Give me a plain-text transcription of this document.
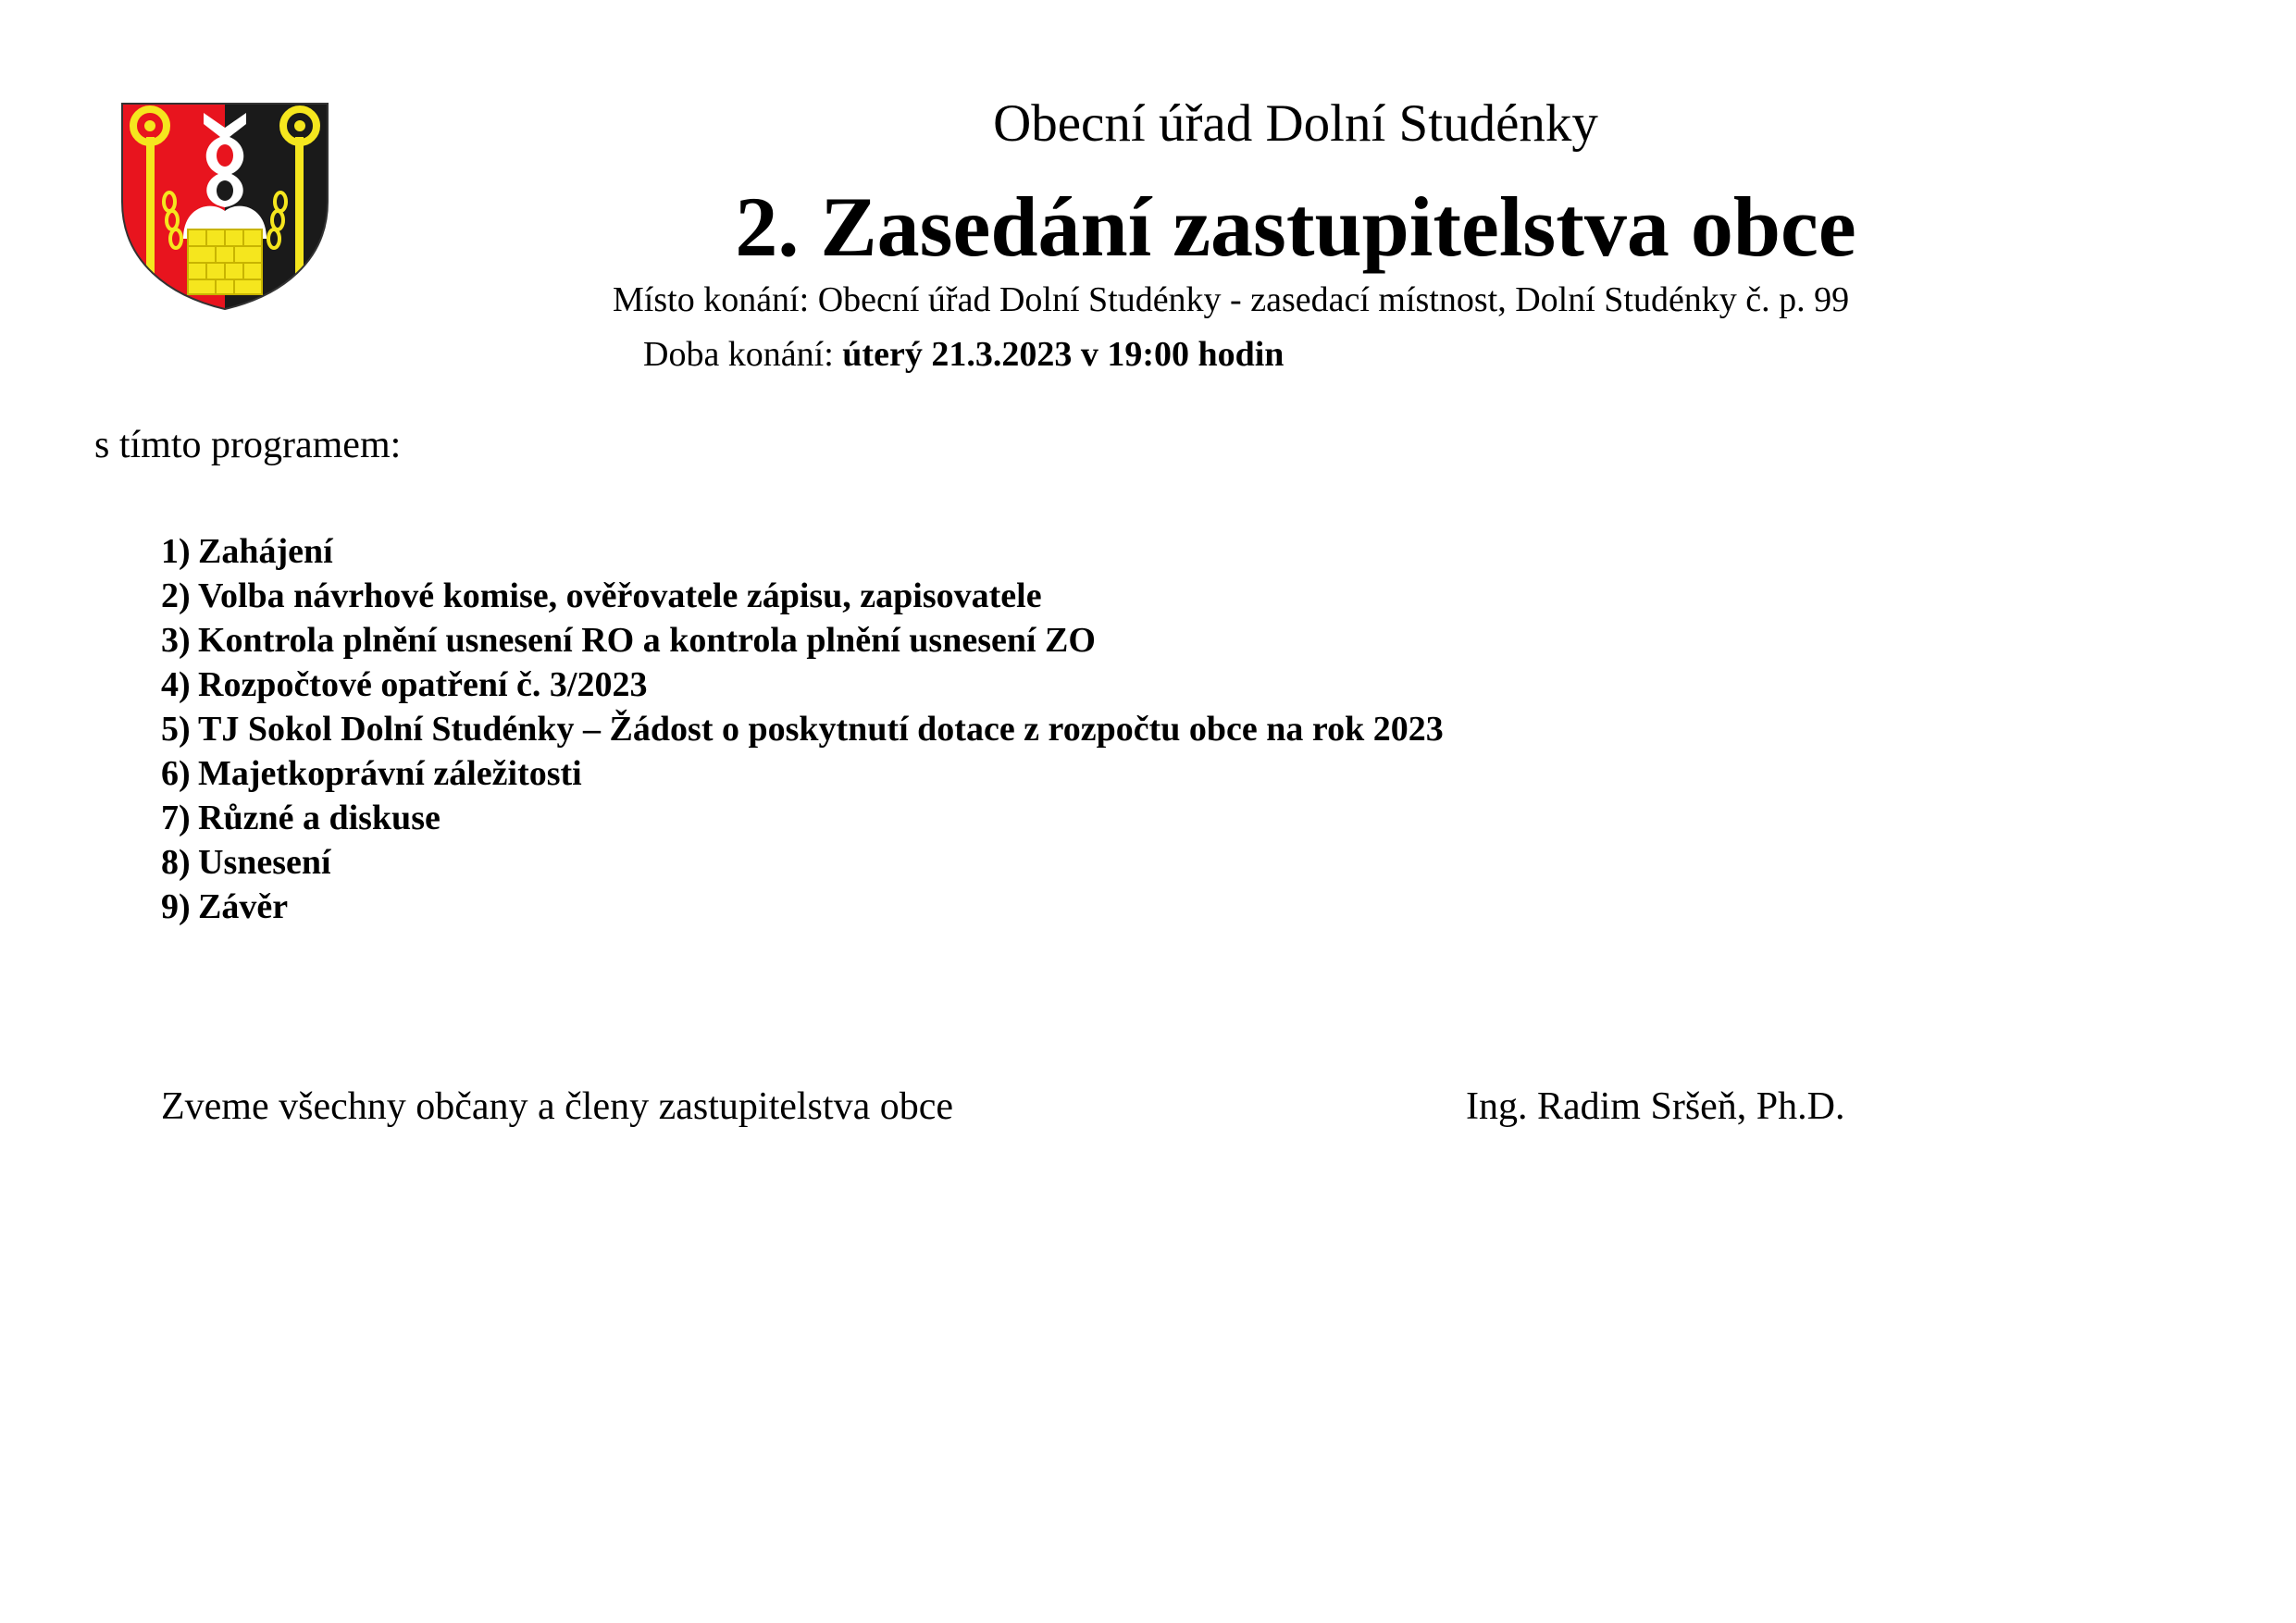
Obecní úřad Dolní Studénky
2. Zasedání zastupitelstva obce
Místo konání: Obecní úřad Dolní Studénky - zasedací místnost, Dolní Studénky č. p. 99
Doba konání: úterý 21.3.2023 v 19:00 hodin
s tímto programem:
1) Zahájení
2) Volba návrhové komise, ověřovatele zápisu, zapisovatele
3) Kontrola plnění usnesení RO a kontrola plnění usnesení ZO
4) Rozpočtové opatření č. 3/2023
5) TJ Sokol Dolní Studénky – Žádost o poskytnutí dotace z rozpočtu obce na rok 2023
6) Majetkoprávní záležitosti
7) Různé a diskuse
8) Usnesení
9) Závěr
Zveme všechny občany a členy zastupitelstva obce	Ing. Radim Sršeň, Ph.D.
